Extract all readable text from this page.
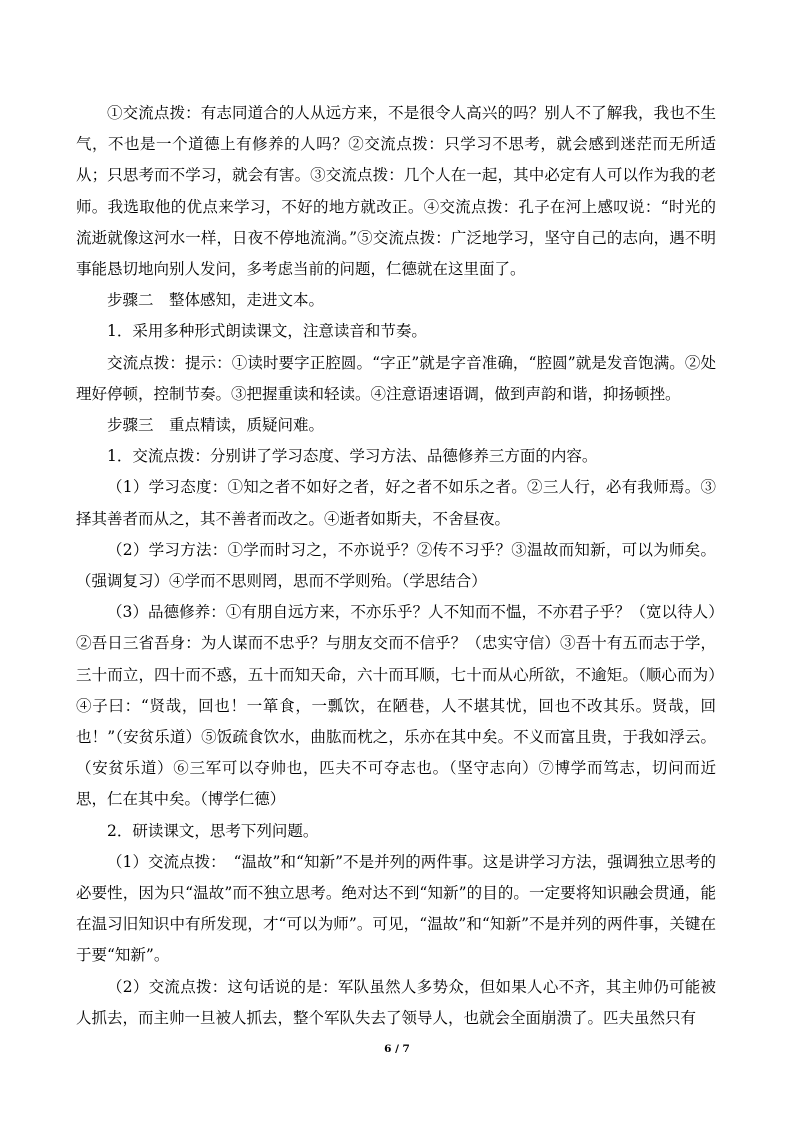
①交流点拨：有志同道合的人从远方来，不是很令人高兴的吗？别人不了解我，我也不生气，不也是一个道德上有修养的人吗？②交流点拨：只学习不思考，就会感到迷茫而无所适从；只思考而不学习，就会有害。③交流点拨：几个人在一起，其中必定有人可以作为我的老师。我选取他的优点来学习，不好的地方就改正。④交流点拨：孔子在河上感叹说：“时光的流逝就像这河水一样，日夜不停地流淌。”⑤交流点拨：广泛地学习，坚守自己的志向，遇不明事能恳切地向别人发问，多考虑当前的问题，仁德就在这里面了。

步骤二　整体感知，走进文本。

1．采用多种形式朗读课文，注意读音和节奏。

交流点拨：提示：①读时要字正腔圆。“字正”就是字音准确，“腔圆”就是发音饱满。②处理好停顿，控制节奏。③把握重读和轻读。④注意语速语调，做到声韵和谐，抑扬顿挫。

步骤三　重点精读，质疑问难。

1．交流点拨：分别讲了学习态度、学习方法、品德修养三方面的内容。

（1）学习态度：①知之者不如好之者，好之者不如乐之者。②三人行，必有我师焉。③择其善者而从之，其不善者而改之。④逝者如斯夫，不舍昼夜。

（2）学习方法：①学而时习之，不亦说乎？②传不习乎？③温故而知新，可以为师矣。（强调复习）④学而不思则罔，思而不学则殆。（学思结合）

（3）品德修养：①有朋自远方来，不亦乐乎？人不知而不愠，不亦君子乎？（宽以待人）　　②吾日三省吾身：为人谋而不忠乎？与朋友交而不信乎？（忠实守信）③吾十有五而志于学，三十而立，四十而不惑，五十而知天命，六十而耳顺，七十而从心所欲，不逾矩。（顺心而为）　　④子曰：“贤哉，回也！一箪食，一瓢饮，在陋巷，人不堪其忧，回也不改其乐。贤哉，回也！”（安贫乐道）⑤饭疏食饮水，曲肱而枕之，乐亦在其中矣。不义而富且贵，于我如浮云。（安贫乐道）⑥三军可以夺帅也，匹夫不可夺志也。（坚守志向）⑦博学而笃志，切问而近思，仁在其中矣。（博学仁德）

2．研读课文，思考下列问题。

（1）交流点拨：　“温故”和“知新”不是并列的两件事。这是讲学习方法，强调独立思考的必要性，因为只“温故”而不独立思考。绝对达不到“知新”的目的。一定要将知识融会贯通，能在温习旧知识中有所发现，才“可以为师”。可见，“温故”和“知新”不是并列的两件事，关键在于要“知新”。

（2）交流点拨：这句话说的是：军队虽然人多势众，但如果人心不齐，其主帅仍可能被人抓去，而主帅一旦被人抓去，整个军队失去了领导人，也就会全面崩溃了。匹夫虽然只有

6 / 7
